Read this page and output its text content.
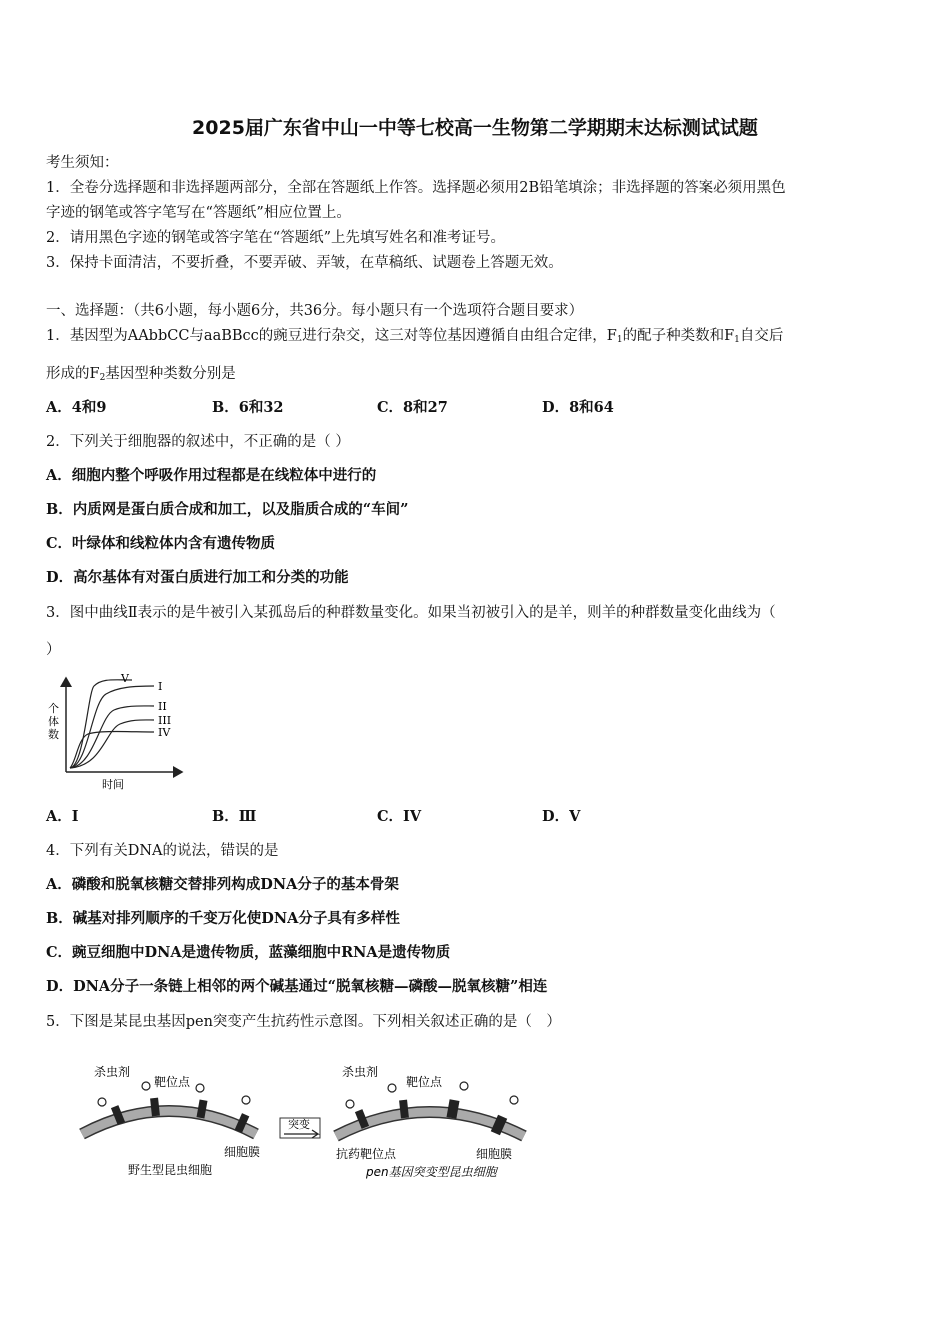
2025届广东省中山一中等七校高一生物第二学期期末达标测试试题
考生须知：
1．全卷分选择题和非选择题两部分，全部在答题纸上作答。选择题必须用2B铅笔填涂；非选择题的答案必须用黑色
字迹的钢笔或答字笔写在“答题纸”相应位置上。
2．请用黑色字迹的钢笔或答字笔在“答题纸”上先填写姓名和准考证号。
3．保持卡面清洁，不要折叠，不要弄破、弄皱，在草稿纸、试题卷上答题无效。
一、选择题：（共6小题，每小题6分，共36分。每小题只有一个选项符合题目要求）
1．基因型为AAbbCC与aaBBcc的豌豆进行杂交，这三对等位基因遵循自由组合定律，$F_1$的配子种类数和$F_1$自交后
形成的$F_2$基因型种类数分别是
A．4和9	B．6和32	C．8和27	D．8和64
2．下列关于细胞器的叙述中，不正确的是（ ）
A．细胞内整个呼吸作用过程都是在线粒体中进行的
B．内质网是蛋白质合成和加工，以及脂质合成的“车间”
C．叶绿体和线粒体内含有遗传物质
D．高尔基体有对蛋白质进行加工和分类的功能
3．图中曲线Ⅱ表示的是牛被引入某孤岛后的种群数量变化。如果当初被引入的是羊，则羊的种群数量变化曲线为（
）
个
体
数
时间
V
I
II
III
IV
A．I	B．Ⅲ	C．IV	D．V
4．下列有关DNA的说法，错误的是
A．磷酸和脱氧核糖交替排列构成DNA分子的基本骨架
B．碱基对排列顺序的千变万化使DNA分子具有多样性
C．豌豆细胞中DNA是遗传物质，蓝藻细胞中RNA是遗传物质
D．DNA分子一条链上相邻的两个碱基通过“脱氧核糖—磷酸—脱氧核糖”相连
5．下图是某昆虫基因pen突变产生抗药性示意图。下列相关叙述正确的是（　）
杀虫剂
靶位点
细胞膜
野生型昆虫细胞
突变
杀虫剂
靶位点
抗药靶位点	细胞膜
pen基因突变型昆虫细胞
